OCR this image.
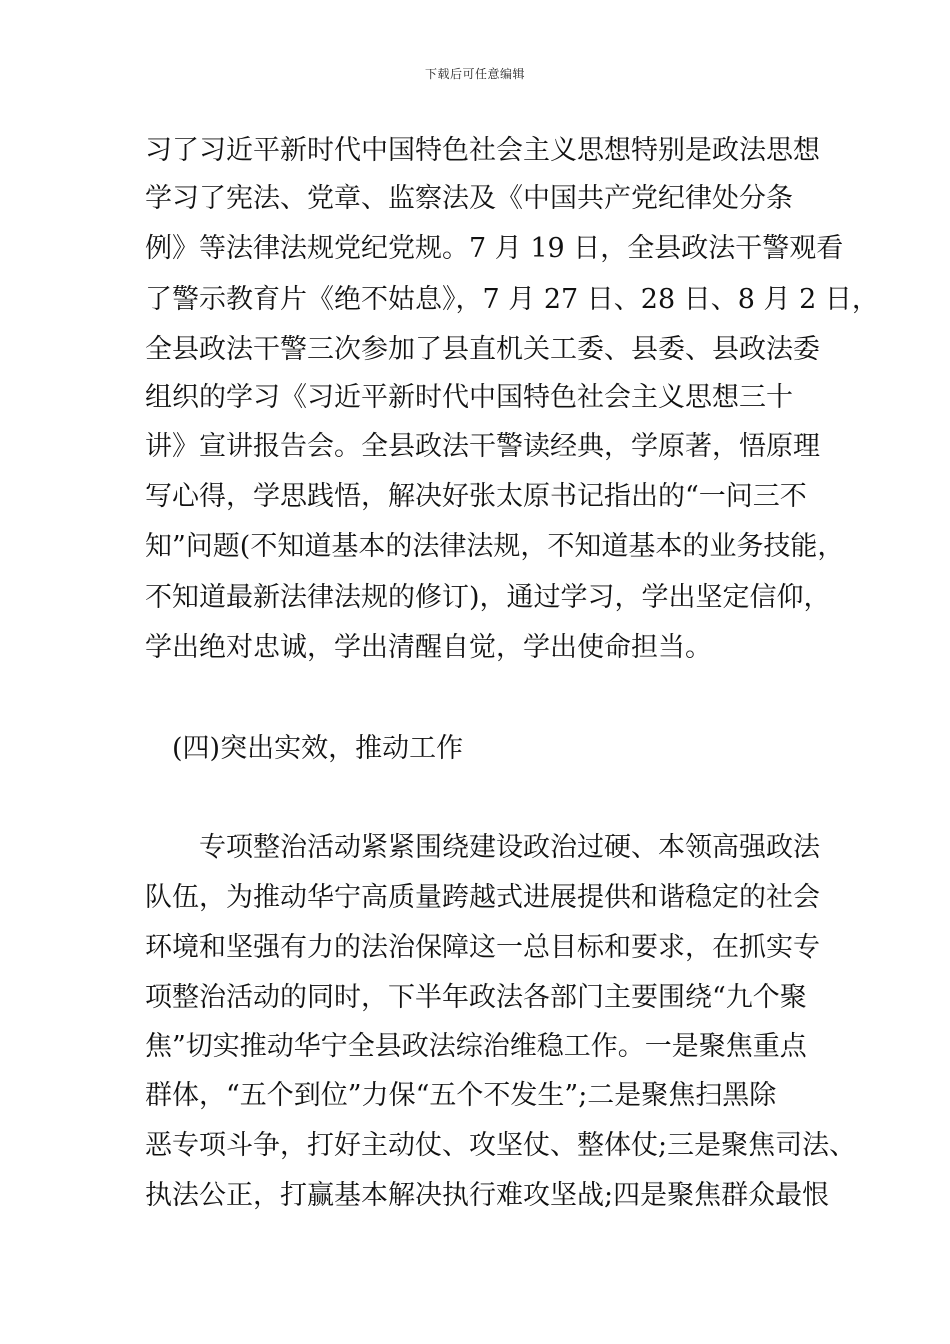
下载后可任意编辑
习了习近平新时代中国特色社会主义思想特别是政法思想
学习了宪法、党章、监察法及《中国共产党纪律处分条
例》等法律法规党纪党规。7 月 19 日，全县政法干警观看
了警示教育片《绝不姑息》，7 月 27 日、28 日、8 月 2 日，
全县政法干警三次参加了县直机关工委、县委、县政法委
组织的学习《习近平新时代中国特色社会主义思想三十
讲》宣讲报告会。全县政法干警读经典，学原著，悟原理
写心得，学思践悟，解决好张太原书记指出的“一问三不
知”问题(不知道基本的法律法规，不知道基本的业务技能，
不知道最新法律法规的修订)，通过学习，学出坚定信仰，
学出绝对忠诚，学出清醒自觉，学出使命担当。
(四)突出实效，推动工作
专项整治活动紧紧围绕建设政治过硬、本领高强政法
队伍，为推动华宁高质量跨越式进展提供和谐稳定的社会
环境和坚强有力的法治保障这一总目标和要求，在抓实专
项整治活动的同时，下半年政法各部门主要围绕“九个聚
焦”切实推动华宁全县政法综治维稳工作。一是聚焦重点
群体，“五个到位”力保“五个不发生”;二是聚焦扫黑除
恶专项斗争，打好主动仗、攻坚仗、整体仗;三是聚焦司法、
执法公正，打赢基本解决执行难攻坚战;四是聚焦群众最恨
